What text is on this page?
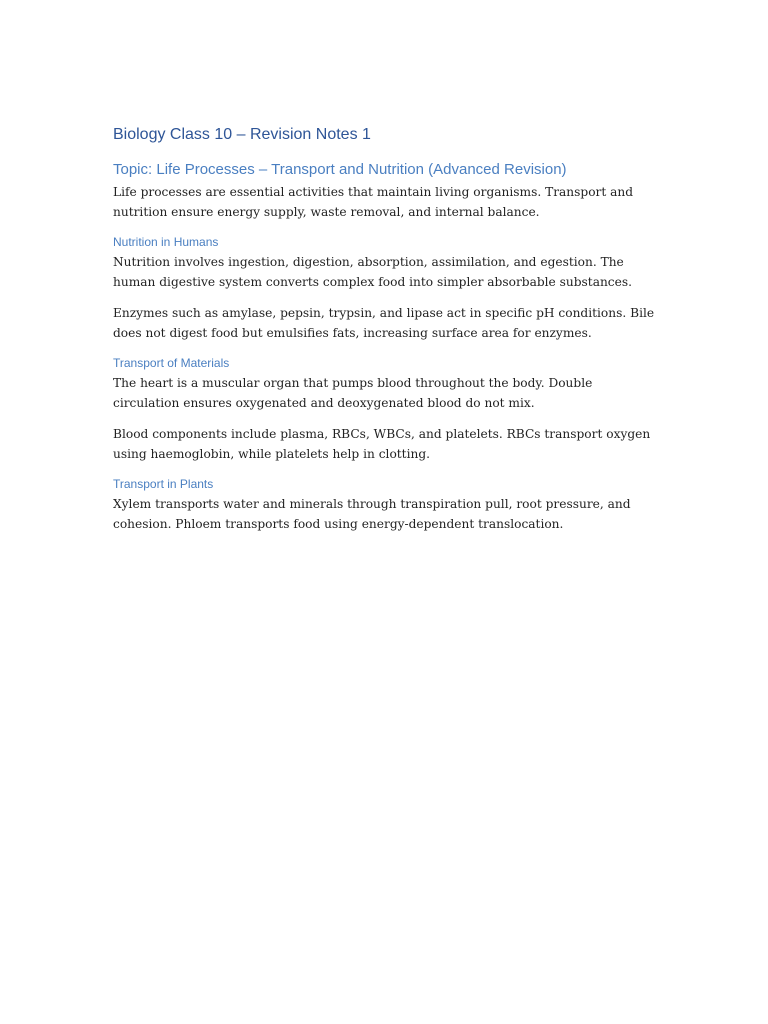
Biology Class 10 – Revision Notes 1
Topic: Life Processes – Transport and Nutrition (Advanced Revision)

Life processes are essential activities that maintain living organisms. Transport and nutrition ensure energy supply, waste removal, and internal balance.

Nutrition in Humans

Nutrition involves ingestion, digestion, absorption, assimilation, and egestion. The human digestive system converts complex food into simpler absorbable substances.

Enzymes such as amylase, pepsin, trypsin, and lipase act in specific pH conditions. Bile does not digest food but emulsifies fats, increasing surface area for enzymes.

Transport of Materials

The heart is a muscular organ that pumps blood throughout the body. Double circulation ensures oxygenated and deoxygenated blood do not mix.

Blood components include plasma, RBCs, WBCs, and platelets. RBCs transport oxygen using haemoglobin, while platelets help in clotting.

Transport in Plants

Xylem transports water and minerals through transpiration pull, root pressure, and cohesion. Phloem transports food using energy-dependent translocation.
